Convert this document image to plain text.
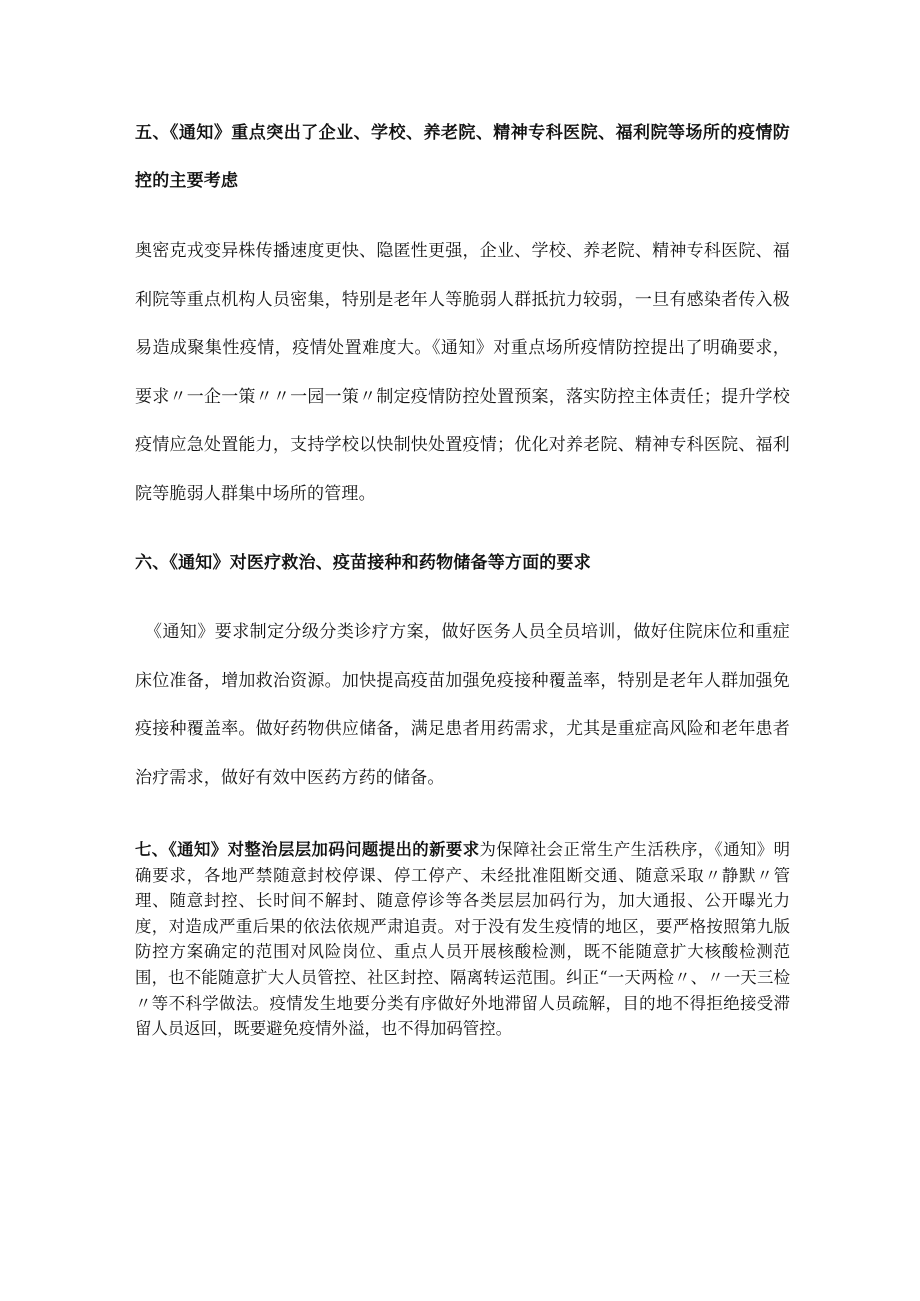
五、《通知》重点突出了企业、学校、养老院、精神专科医院、福利院等场所的疫情防控的主要考虑

奥密克戎变异株传播速度更快、隐匿性更强，企业、学校、养老院、精神专科医院、福利院等重点机构人员密集，特别是老年人等脆弱人群抵抗力较弱，一旦有感染者传入极易造成聚集性疫情，疫情处置难度大。《通知》对重点场所疫情防控提出了明确要求，要求〃一企一策〃〃一园一策〃制定疫情防控处置预案，落实防控主体责任；提升学校疫情应急处置能力，支持学校以快制快处置疫情；优化对养老院、精神专科医院、福利院等脆弱人群集中场所的管理。

六、《通知》对医疗救治、疫苗接种和药物储备等方面的要求

《通知》要求制定分级分类诊疗方案，做好医务人员全员培训，做好住院床位和重症床位准备，增加救治资源。加快提高疫苗加强免疫接种覆盖率，特别是老年人群加强免疫接种覆盖率。做好药物供应储备，满足患者用药需求，尤其是重症高风险和老年患者治疗需求，做好有效中医药方药的储备。

七、《通知》对整治层层加码问题提出的新要求为保障社会正常生产生活秩序，《通知》明确要求，各地严禁随意封校停课、停工停产、未经批准阻断交通、随意采取〃静默〃管理、随意封控、长时间不解封、随意停诊等各类层层加码行为，加大通报、公开曝光力度，对造成严重后果的依法依规严肃追责。对于没有发生疫情的地区，要严格按照第九版防控方案确定的范围对风险岗位、重点人员开展核酸检测，既不能随意扩大核酸检测范围，也不能随意扩大人员管控、社区封控、隔离转运范围。纠正“一天两检〃、〃一天三检〃等不科学做法。疫情发生地要分类有序做好外地滞留人员疏解，目的地不得拒绝接受滞留人员返回，既要避免疫情外溢，也不得加码管控。
